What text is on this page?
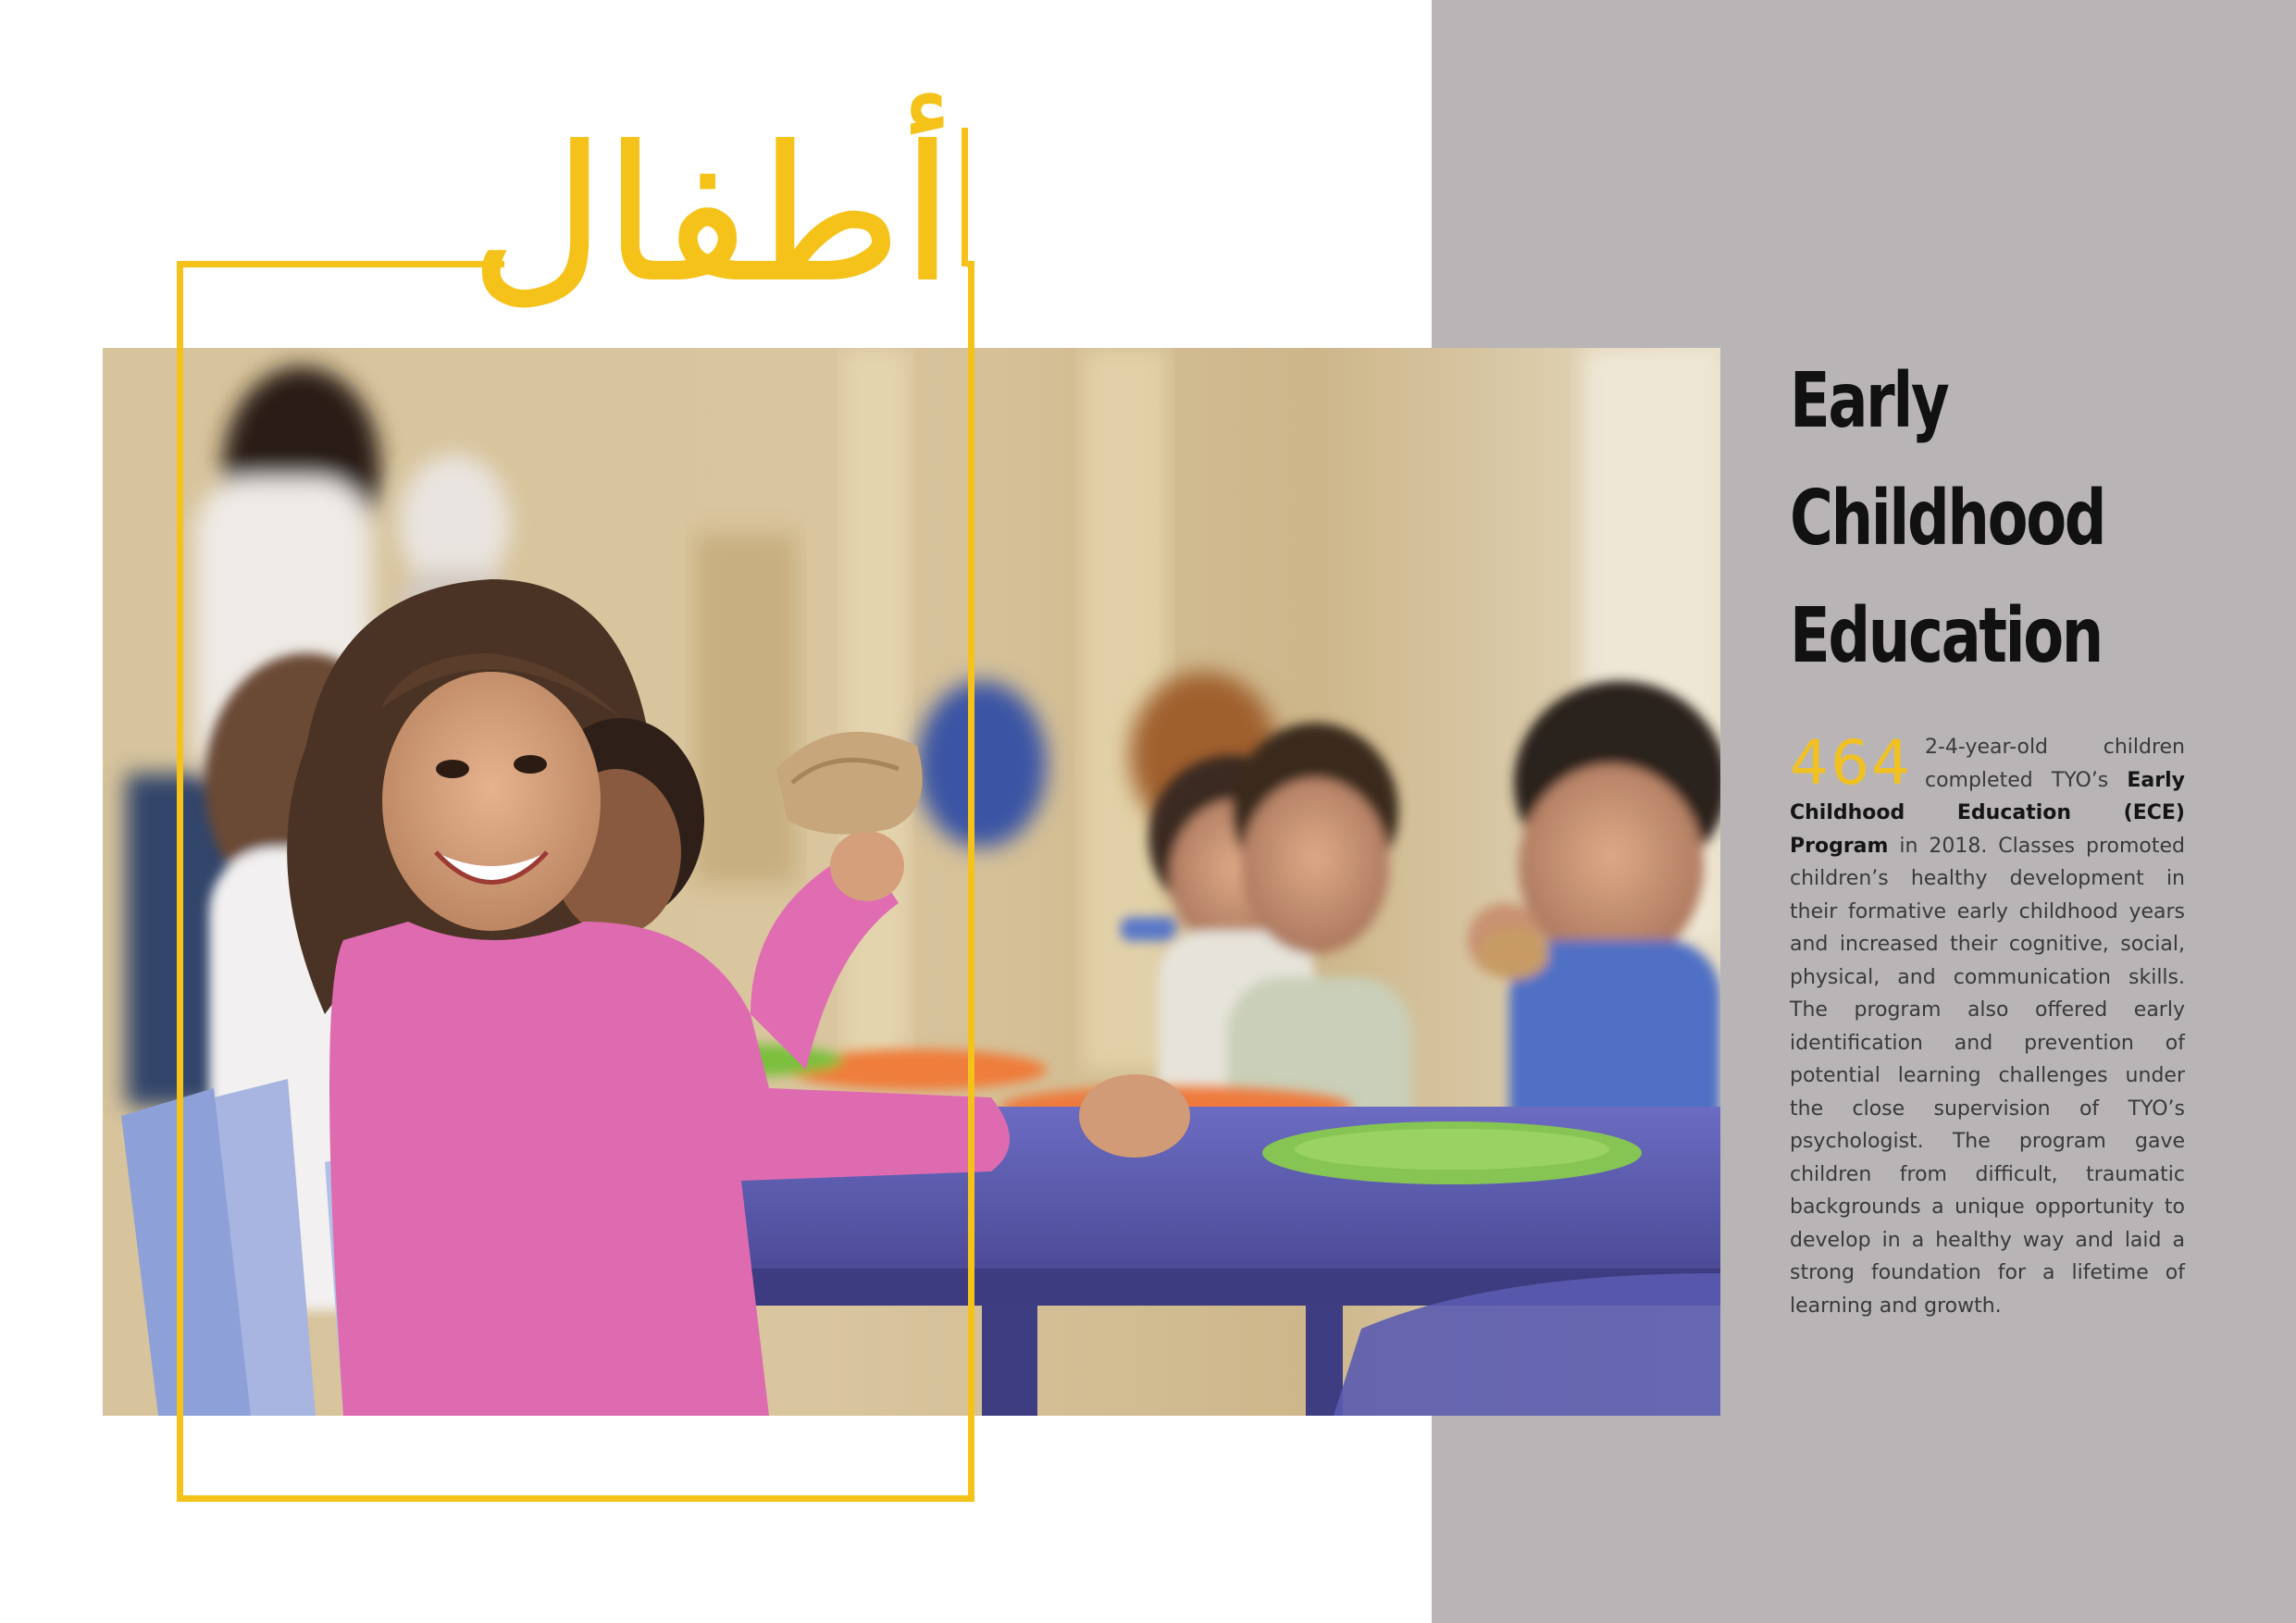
أطفال
Early
Childhood
Education
464 2-4-year-old children completed TYO’s Early Childhood Education (ECE) Program in 2018. Classes promoted children’s healthy development in their formative early childhood years and increased their cognitive, social, physical, and communication skills. The program also offered early identification and prevention of potential learning challenges under the close supervision of TYO’s psychologist. The program gave children from difficult, traumatic backgrounds a unique opportunity to develop in a healthy way and laid a strong foundation for a lifetime of learning and growth.
